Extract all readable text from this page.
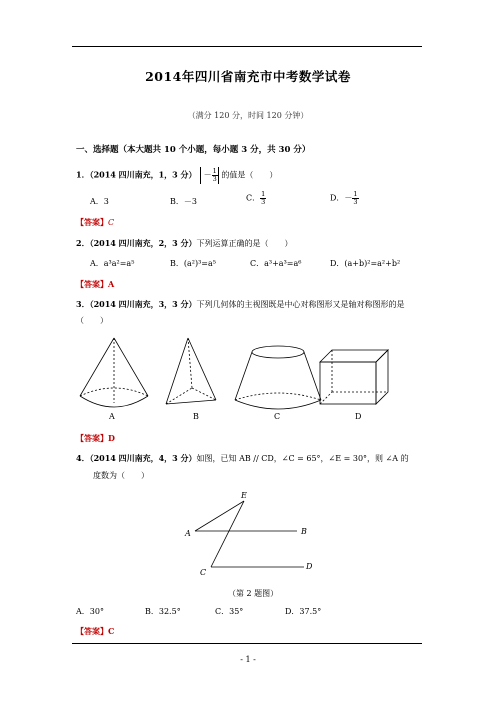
2014年四川省南充市中考数学试卷
（满分 120 分，时间 120 分钟）
一、选择题（本大题共 10 个小题，每小题 3 分，共 30 分）
1．（2014 四川南充，1，3 分） － $\frac{1}{3}$ 的值是（　　）
A．3	B．－3	C． $\frac{1}{3}$	D．－ $\frac{1}{3}$
【答案】C
2．（2014 四川南充，2，3 分）下列运算正确的是（　　）
A．a³a²=a⁵	B．(a²)³=a⁵	C．a³+a³=a⁶	D．(a+b)²=a²+b²
【答案】A
3．（2014 四川南充，3，3 分）下列几何体的主视图既是中心对称图形又是轴对称图形的是
（　　）
A	B	C	D
【答案】D
4．（2014 四川南充，4，3 分）如图，已知 AB // CD，∠C = 65°，∠E = 30°，则 ∠A 的
度数为（　　）
E
A	B
C
D
（第 2 题图）
A．30°	B．32.5°	C．35°	D．37.5°
【答案】C
- 1 -
